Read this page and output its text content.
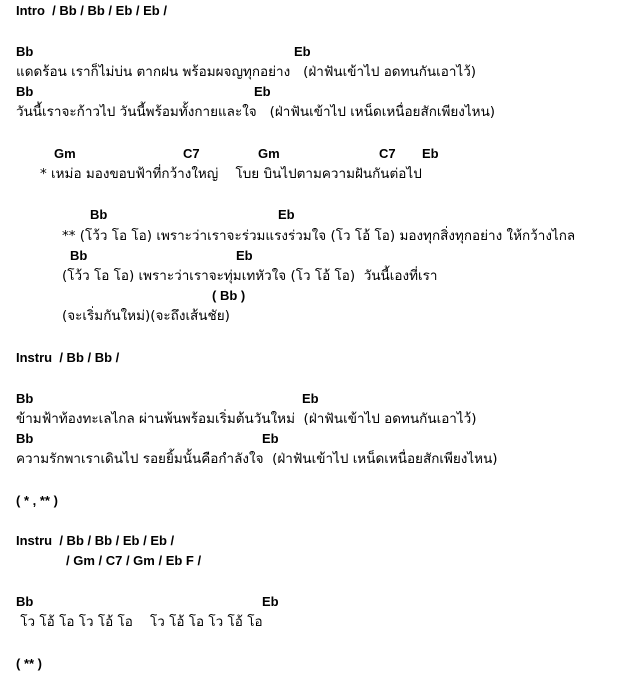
Intro  / Bb / Bb / Eb / Eb /
Bb	Eb
แดดร้อน เราก็ไม่บ่น ตากฝน พร้อมผจญทุกอย่าง   (ฝ่าฟันเข้าไป อดทนกันเอาไว้)
Bb	Eb
วันนี้เราจะก้าวไป วันนี้พร้อมทั้งกายและใจ   (ฝ่าฟันเข้าไป เหน็ดเหนื่อยสักเพียงไหน)
Gm	C7	Gm	C7 Eb
* เหม่อ มองขอบฟ้าที่กว้างใหญ่    โบย บินไปตามความฝันกันต่อไป
Bb	Eb
** (โว้ว โอ โอ) เพราะว่าเราจะร่วมแรงร่วมใจ (โว โอ้ โอ) มองทุกสิ่งทุกอย่าง ให้กว้างไกล
Bb	Eb
(โว้ว โอ โอ) เพราะว่าเราจะทุ่มเทหัวใจ (โว โอ้ โอ)  วันนี้เองที่เรา
( Bb )
(จะเริ่มกันใหม่)(จะถึงเส้นชัย)
Instru  / Bb / Bb /
Bb	Eb
ข้ามฟ้าท้องทะเลไกล ผ่านพ้นพร้อมเริ่มต้นวันใหม่  (ฝ่าฟันเข้าไป อดทนกันเอาไว้)
Bb	Eb
ความรักพาเราเดินไป รอยยิ้มนั้นคือกำลังใจ  (ฝ่าฟันเข้าไป เหน็ดเหนื่อยสักเพียงไหน)
( * , ** )
Instru  / Bb / Bb / Eb / Eb /
/ Gm / C7 / Gm / Eb F /
Bb	Eb
โว โอ้ โอ โว โอ้ โอ    โว โอ้ โอ โว โอ้ โอ
( ** )
